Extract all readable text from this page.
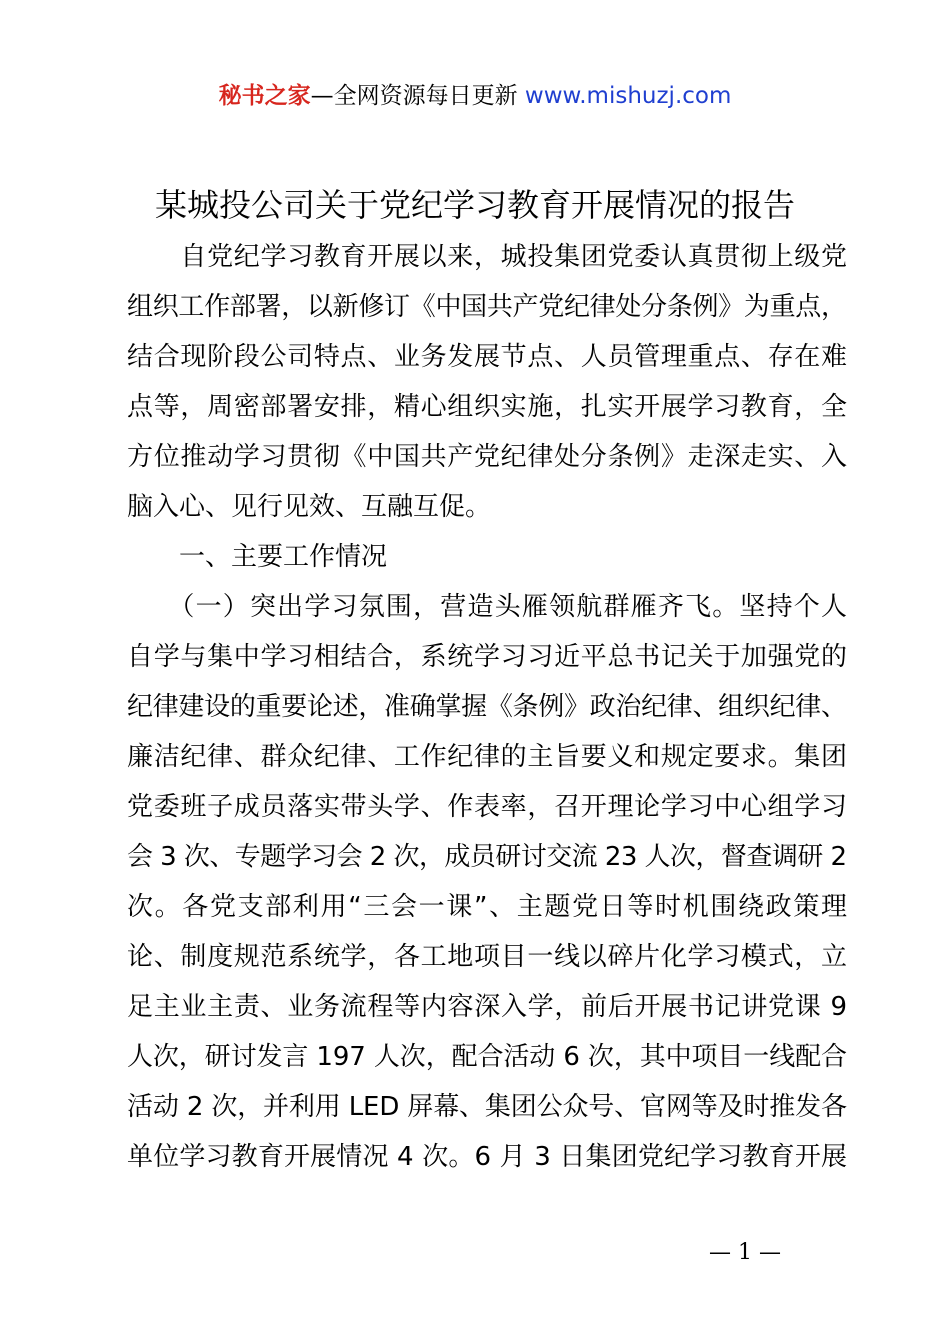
秘书之家—全网资源每日更新 www.mishuzj.com
某城投公司关于党纪学习教育开展情况的报告
　　自党纪学习教育开展以来，城投集团党委认真贯彻上级党
组织工作部署，以新修订《中国共产党纪律处分条例》为重点，
结合现阶段公司特点、业务发展节点、人员管理重点、存在难
点等，周密部署安排，精心组织实施，扎实开展学习教育，全
方位推动学习贯彻《中国共产党纪律处分条例》走深走实、入
脑入心、见行见效、互融互促。
　　一、主要工作情况
　　（一）突出学习氛围，营造头雁领航群雁齐飞。坚持个人
自学与集中学习相结合，系统学习习近平总书记关于加强党的
纪律建设的重要论述，准确掌握《条例》政治纪律、组织纪律、
廉洁纪律、群众纪律、工作纪律的主旨要义和规定要求。集团
党委班子成员落实带头学、作表率，召开理论学习中心组学习
会 3 次、专题学习会 2 次，成员研讨交流 23 人次，督查调研 2
次。各党支部利用“三会一课”、主题党日等时机围绕政策理
论、制度规范系统学，各工地项目一线以碎片化学习模式，立
足主业主责、业务流程等内容深入学，前后开展书记讲党课 9
人次，研讨发言 197 人次，配合活动 6 次，其中项目一线配合
活动 2 次，并利用 LED 屏幕、集团公众号、官网等及时推发各
单位学习教育开展情况 4 次。6 月 3 日集团党纪学习教育开展
— 1 —
